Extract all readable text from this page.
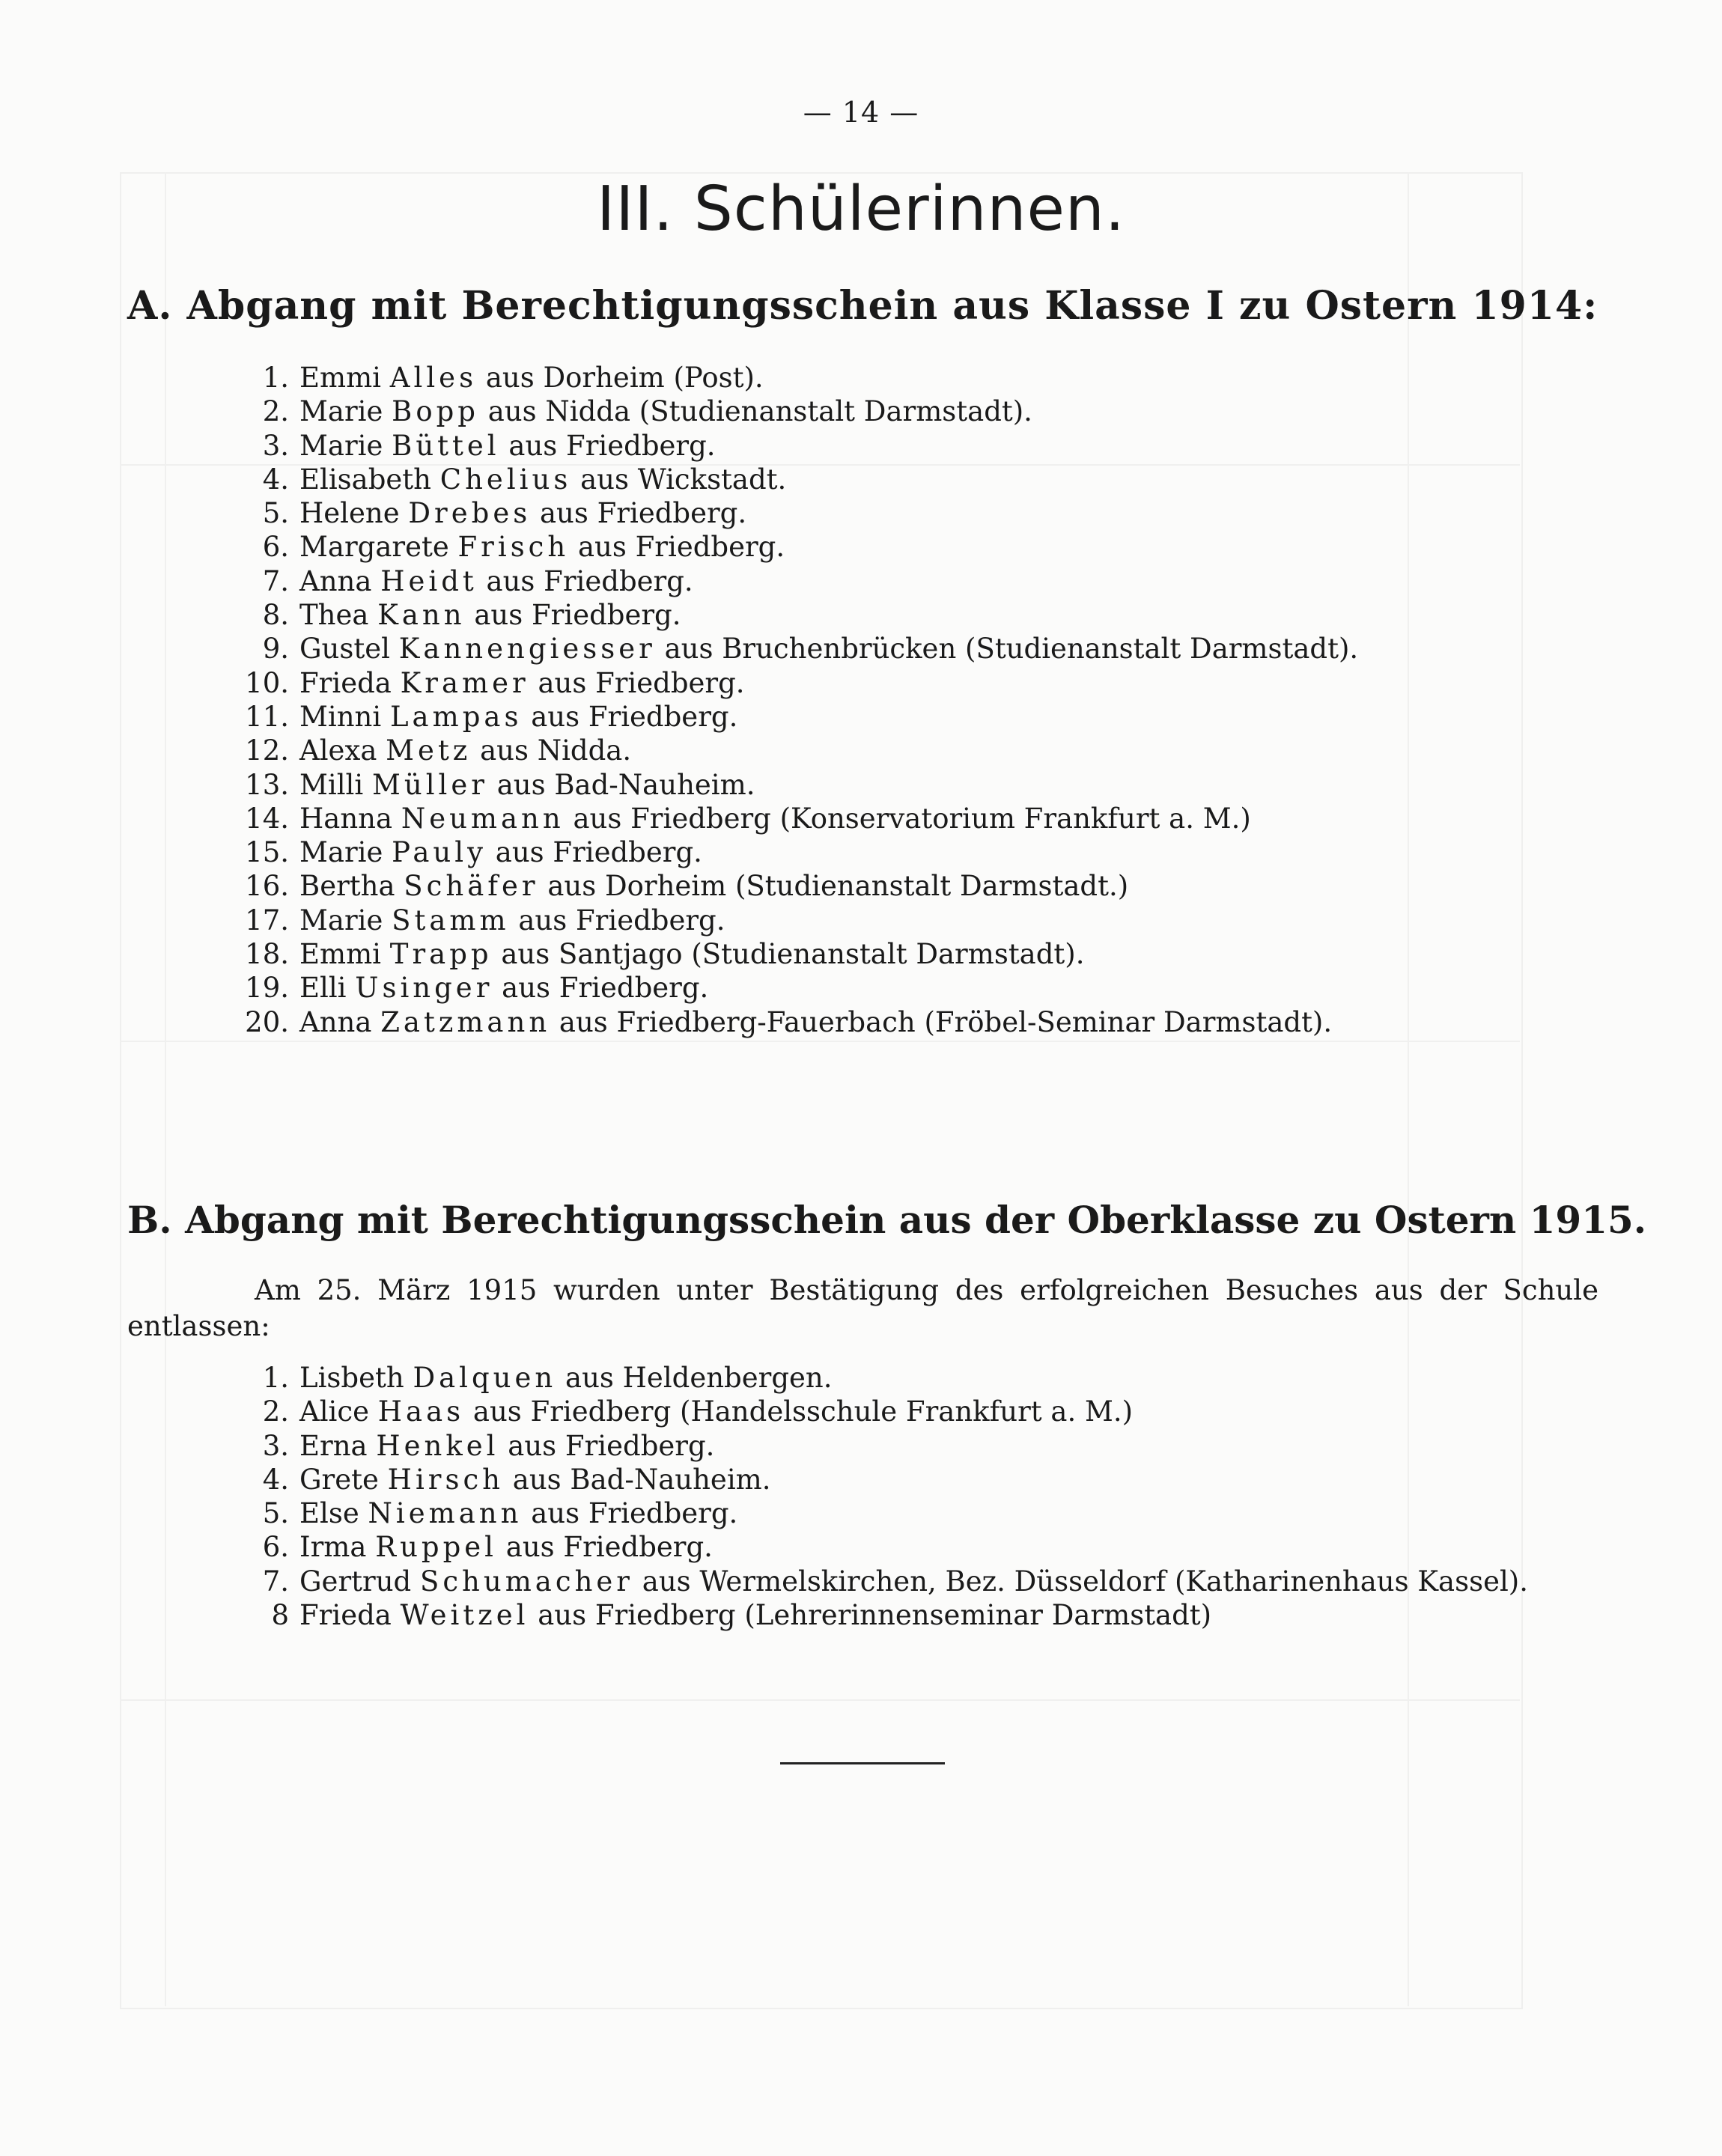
— 14 —
III. Schülerinnen.
A. Abgang mit Berechtigungsschein aus Klasse I zu Ostern 1914:
1. Emmi Alles aus Dorheim (Post).
2. Marie Bopp aus Nidda (Studienanstalt Darmstadt).
3. Marie Büttel aus Friedberg.
4. Elisabeth Chelius aus Wickstadt.
5. Helene Drebes aus Friedberg.
6. Margarete Frisch aus Friedberg.
7. Anna Heidt aus Friedberg.
8. Thea Kann aus Friedberg.
9. Gustel Kannengiesser aus Bruchenbrücken (Studienanstalt Darmstadt).
10. Frieda Kramer aus Friedberg.
11. Minni Lampas aus Friedberg.
12. Alexa Metz aus Nidda.
13. Milli Müller aus Bad-Nauheim.
14. Hanna Neumann aus Friedberg (Konservatorium Frankfurt a. M.)
15. Marie Pauly aus Friedberg.
16. Bertha Schäfer aus Dorheim (Studienanstalt Darmstadt.)
17. Marie Stamm aus Friedberg.
18. Emmi Trapp aus Santjago (Studienanstalt Darmstadt).
19. Elli Usinger aus Friedberg.
20. Anna Zatzmann aus Friedberg-Fauerbach (Fröbel-Seminar Darmstadt).
B. Abgang mit Berechtigungsschein aus der Oberklasse zu Ostern 1915.
Am 25. März 1915 wurden unter Bestätigung des erfolgreichen Besuches aus der Schule entlassen:
1. Lisbeth Dalquen aus Heldenbergen.
2. Alice Haas aus Friedberg (Handelsschule Frankfurt a. M.)
3. Erna Henkel aus Friedberg.
4. Grete Hirsch aus Bad-Nauheim.
5. Else Niemann aus Friedberg.
6. Irma Ruppel aus Friedberg.
7. Gertrud Schumacher aus Wermelskirchen, Bez. Düsseldorf (Katharinenhaus Kassel).
8 Frieda Weitzel aus Friedberg (Lehrerinnenseminar Darmstadt)
